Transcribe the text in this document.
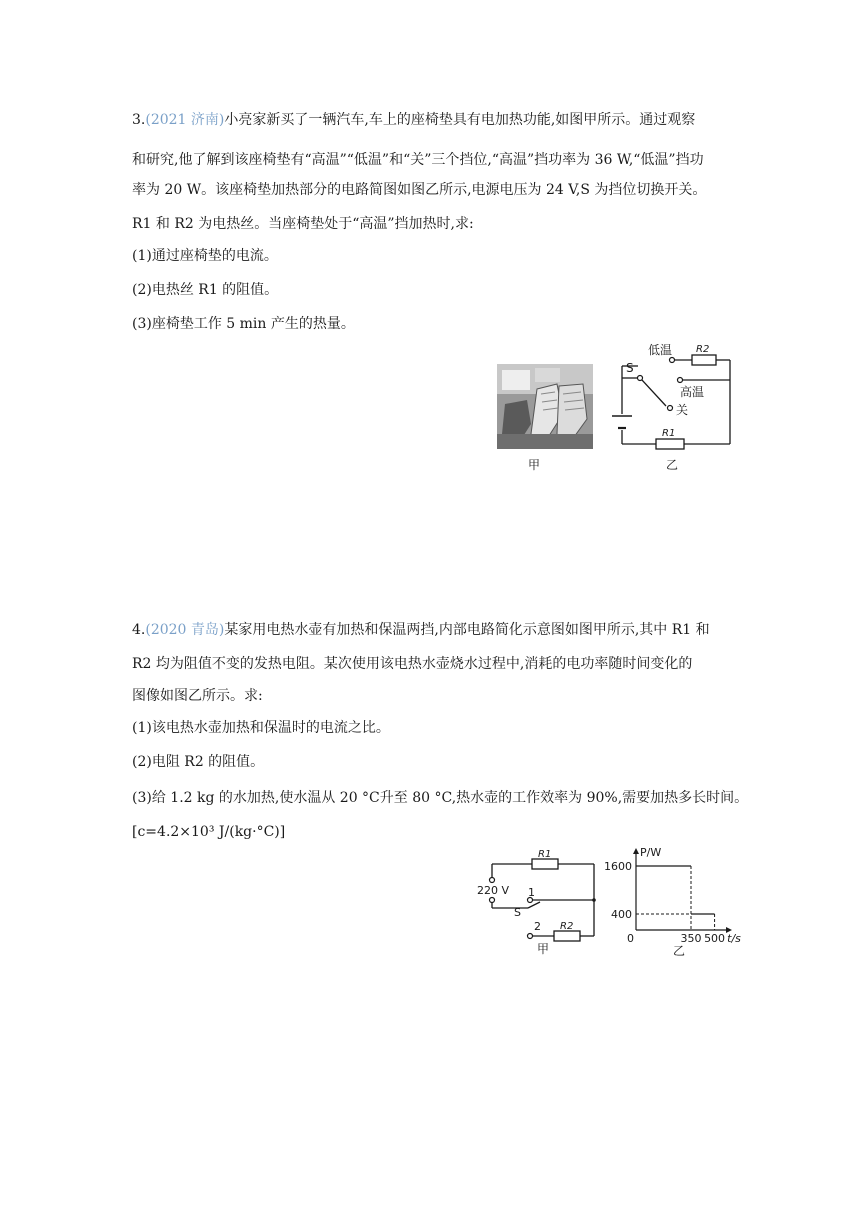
3.(2021 济南)小亮家新买了一辆汽车,车上的座椅垫具有电加热功能,如图甲所示。通过观察
和研究,他了解到该座椅垫有“高温”“低温”和“关”三个挡位,“高温”挡功率为 36 W,“低温”挡功
率为 20 W。该座椅垫加热部分的电路简图如图乙所示,电源电压为 24 V,S 为挡位切换开关。
R1 和 R2 为电热丝。当座椅垫处于“高温”挡加热时,求:
(1)通过座椅垫的电流。
(2)电热丝 R1 的阻值。
(3)座椅垫工作 5 min 产生的热量。
甲
低温 R2
高温
S
关
R1
乙
4.(2020 青岛)某家用电热水壶有加热和保温两挡,内部电路简化示意图如图甲所示,其中 R1 和
R2 均为阻值不变的发热电阻。某次使用该电热水壶烧水过程中,消耗的电功率随时间变化的
图像如图乙所示。求:
(1)该电热水壶加热和保温时的电流之比。
(2)电阻 R2 的阻值。
(3)给 1.2 kg 的水加热,使水温从 20 °C升至 80 °C,热水壶的工作效率为 90%,需要加热多长时间。
[c=4.2×10³ J/(kg·°C)]
R1
220 V 1
S
2 R2
甲
P/W
1600
400
0	350 500 t/s
乙
